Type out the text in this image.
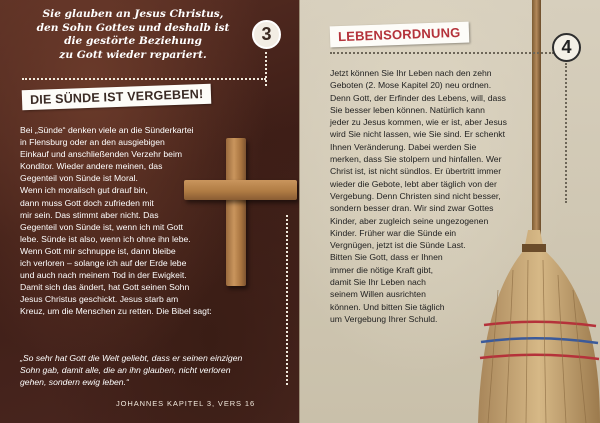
Sie glauben an Jesus Christus,
den Sohn Gottes und deshalb ist
die gestörte Beziehung
zu Gott wieder repariert.
3
DIE SÜNDE IST VERGEBEN!
Bei „Sünde“ denken viele an die Sünderkartei
in Flensburg oder an den ausgiebigen
Einkauf und anschließenden Verzehr beim
Konditor. Wieder andere meinen, das
Gegenteil von Sünde ist Moral.
Wenn ich moralisch gut drauf bin,
dann muss Gott doch zufrieden mit
mir sein. Das stimmt aber nicht. Das
Gegenteil von Sünde ist, wenn ich mit Gott
lebe. Sünde ist also, wenn ich ohne ihn lebe.
Wenn Gott mir schnuppe ist, dann bleibe
ich verloren – solange ich auf der Erde lebe
und auch nach meinem Tod in der Ewigkeit.
Damit sich das ändert, hat Gott seinen Sohn
Jesus Christus geschickt. Jesus starb am
Kreuz, um die Menschen zu retten. Die Bibel sagt:
„So sehr hat Gott die Welt geliebt, dass er seinen einzigen
Sohn gab, damit alle, die an ihn glauben, nicht verloren
gehen, sondern ewig leben.“
JOHANNES KAPITEL 3, VERS 16
LEBENSORDNUNG
4
Jetzt können Sie Ihr Leben nach den zehn
Geboten (2. Mose Kapitel 20) neu ordnen.
Denn Gott, der Erfinder des Lebens, will, dass
Sie besser leben können. Natürlich kann
jeder zu Jesus kommen, wie er ist, aber Jesus
wird Sie nicht lassen, wie Sie sind. Er schenkt
Ihnen Veränderung. Dabei werden Sie
merken, dass Sie stolpern und hinfallen. Wer
Christ ist, ist nicht sündlos. Er übertritt immer
wieder die Gebote, lebt aber täglich von der
Vergebung. Denn Christen sind nicht besser,
sondern besser dran. Wir sind zwar Gottes
Kinder, aber zugleich seine ungezogenen
Kinder. Früher war die Sünde ein
Vergnügen, jetzt ist die Sünde Last.
Bitten Sie Gott, dass er Ihnen
immer die nötige Kraft gibt,
damit Sie Ihr Leben nach
seinem Willen ausrichten
können. Und bitten Sie täglich
um Vergebung Ihrer Schuld.
